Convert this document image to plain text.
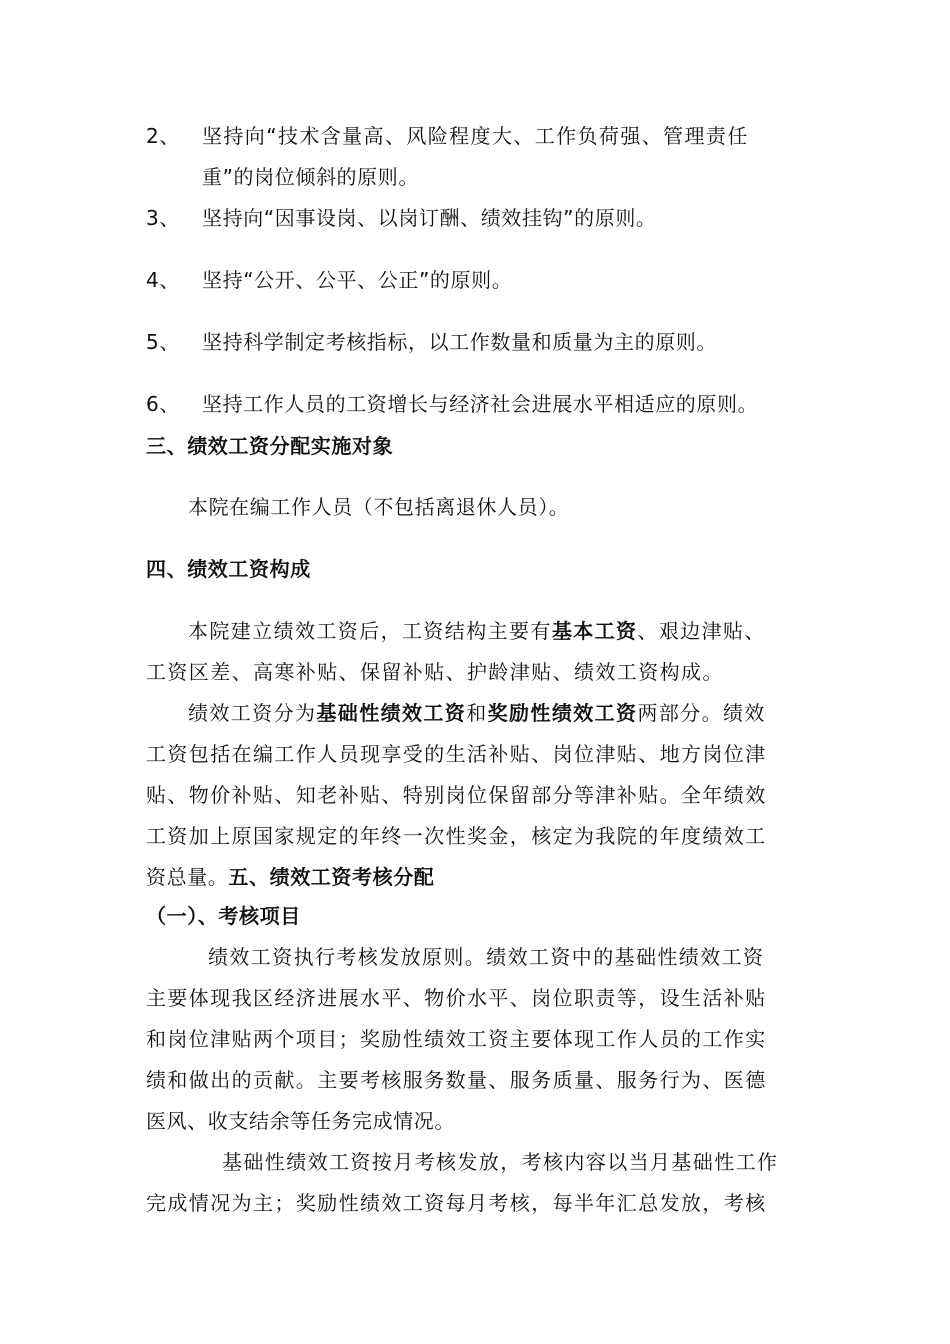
2、 坚持向“技术含量高、风险程度大、工作负荷强、管理责任
重”的岗位倾斜的原则。
3、 坚持向“因事设岗、以岗订酬、绩效挂钩”的原则。
4、 坚持“公开、公平、公正”的原则。
5、 坚持科学制定考核指标，以工作数量和质量为主的原则。
6、 坚持工作人员的工资增长与经济社会进展水平相适应的原则。
三、绩效工资分配实施对象
本院在编工作人员（不包括离退休人员）。
四、绩效工资构成
本院建立绩效工资后，工资结构主要有基本工资、艰边津贴、
工资区差、高寒补贴、保留补贴、护龄津贴、绩效工资构成。
绩效工资分为基础性绩效工资和奖励性绩效工资两部分。绩效
工资包括在编工作人员现享受的生活补贴、岗位津贴、地方岗位津
贴、物价补贴、知老补贴、特别岗位保留部分等津补贴。全年绩效
工资加上原国家规定的年终一次性奖金，核定为我院的年度绩效工
资总量。五、绩效工资考核分配
（一）、考核项目
绩效工资执行考核发放原则。绩效工资中的基础性绩效工资
主要体现我区经济进展水平、物价水平、岗位职责等，设生活补贴
和岗位津贴两个项目；奖励性绩效工资主要体现工作人员的工作实
绩和做出的贡献。主要考核服务数量、服务质量、服务行为、医德
医风、收支结余等任务完成情况。
基础性绩效工资按月考核发放，考核内容以当月基础性工作
完成情况为主；奖励性绩效工资每月考核，每半年汇总发放，考核
